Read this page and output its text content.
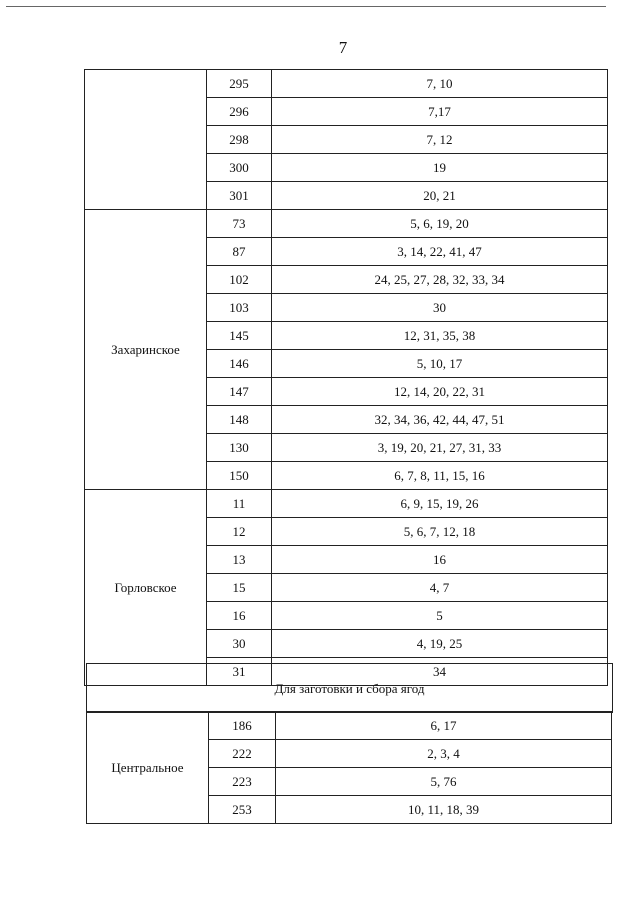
7
	295	7, 10
	296	7,17
	298	7, 12
	300	19
	301	20, 21
Захаринское	73	5, 6, 19, 20
	87	3, 14, 22, 41, 47
	102	24, 25, 27, 28, 32, 33, 34
	103	30
	145	12, 31, 35, 38
	146	5, 10, 17
	147	12, 14, 20, 22, 31
	148	32, 34, 36, 42, 44, 47, 51
	130	3, 19, 20, 21, 27, 31, 33
	150	6, 7, 8, 11, 15, 16
Горловское	11	6, 9, 15, 19, 26
	12	5, 6, 7, 12, 18
	13	16
	15	4, 7
	16	5
	30	4, 19, 25
	31	34
Для заготовки и сбора ягод
Центральное	186	6, 17
	222	2, 3, 4
	223	5, 76
	253	10, 11, 18, 39
